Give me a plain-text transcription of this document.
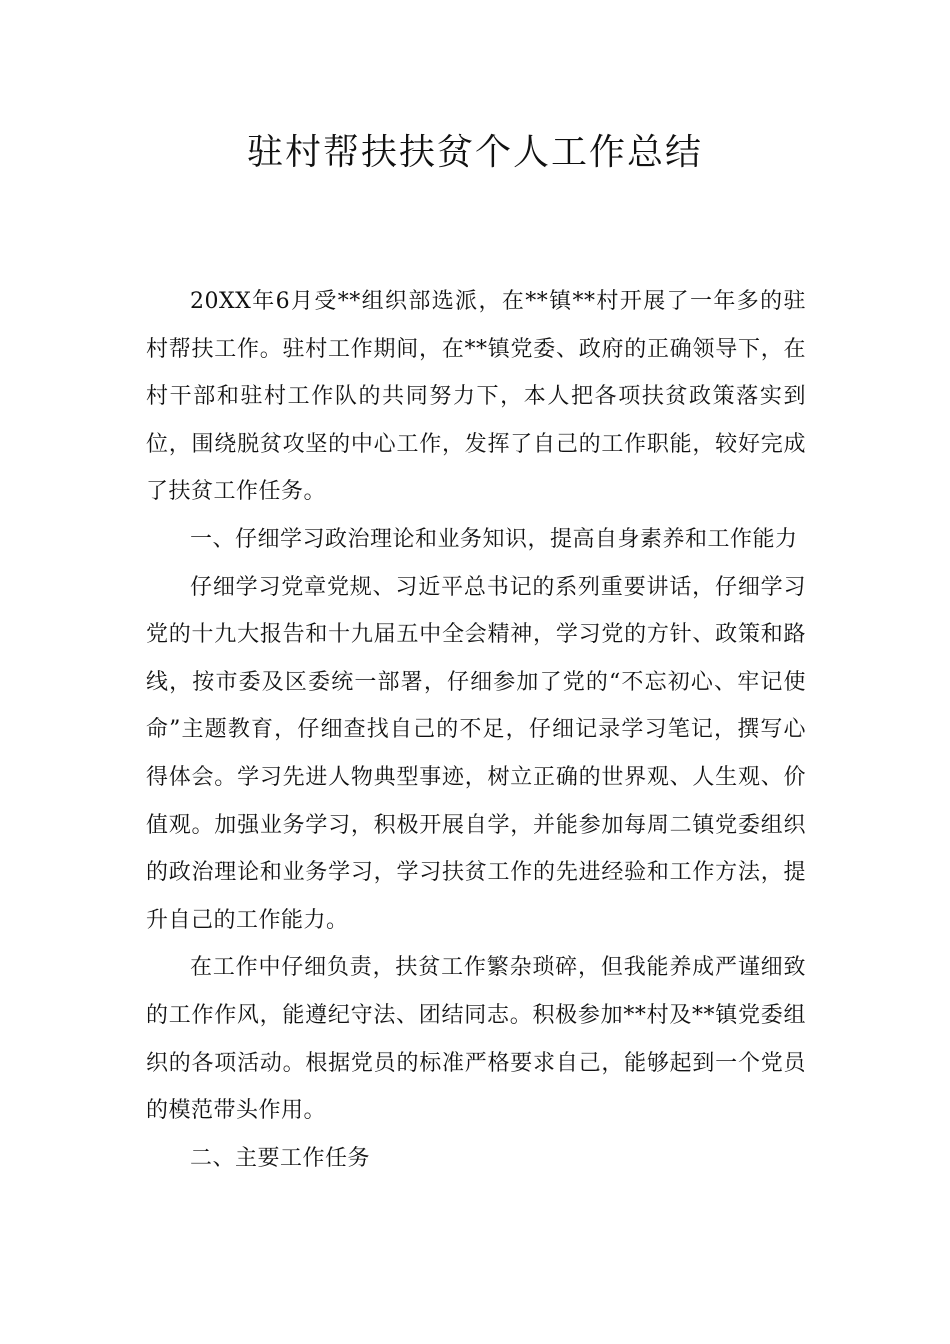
驻村帮扶扶贫个人工作总结

20XX年6月受**组织部选派，在**镇**村开展了一年多的驻村帮扶工作。驻村工作期间，在**镇党委、政府的正确领导下，在村干部和驻村工作队的共同努力下，本人把各项扶贫政策落实到位，围绕脱贫攻坚的中心工作，发挥了自己的工作职能，较好完成了扶贫工作任务。

一、仔细学习政治理论和业务知识，提高自身素养和工作能力

仔细学习党章党规、习近平总书记的系列重要讲话，仔细学习党的十九大报告和十九届五中全会精神，学习党的方针、政策和路线，按市委及区委统一部署，仔细参加了党的“不忘初心、牢记使命”主题教育，仔细查找自己的不足，仔细记录学习笔记，撰写心得体会。学习先进人物典型事迹，树立正确的世界观、人生观、价值观。加强业务学习，积极开展自学，并能参加每周二镇党委组织的政治理论和业务学习，学习扶贫工作的先进经验和工作方法，提升自己的工作能力。

在工作中仔细负责，扶贫工作繁杂琐碎，但我能养成严谨细致的工作作风，能遵纪守法、团结同志。积极参加**村及**镇党委组织的各项活动。根据党员的标准严格要求自己，能够起到一个党员的模范带头作用。

二、主要工作任务
